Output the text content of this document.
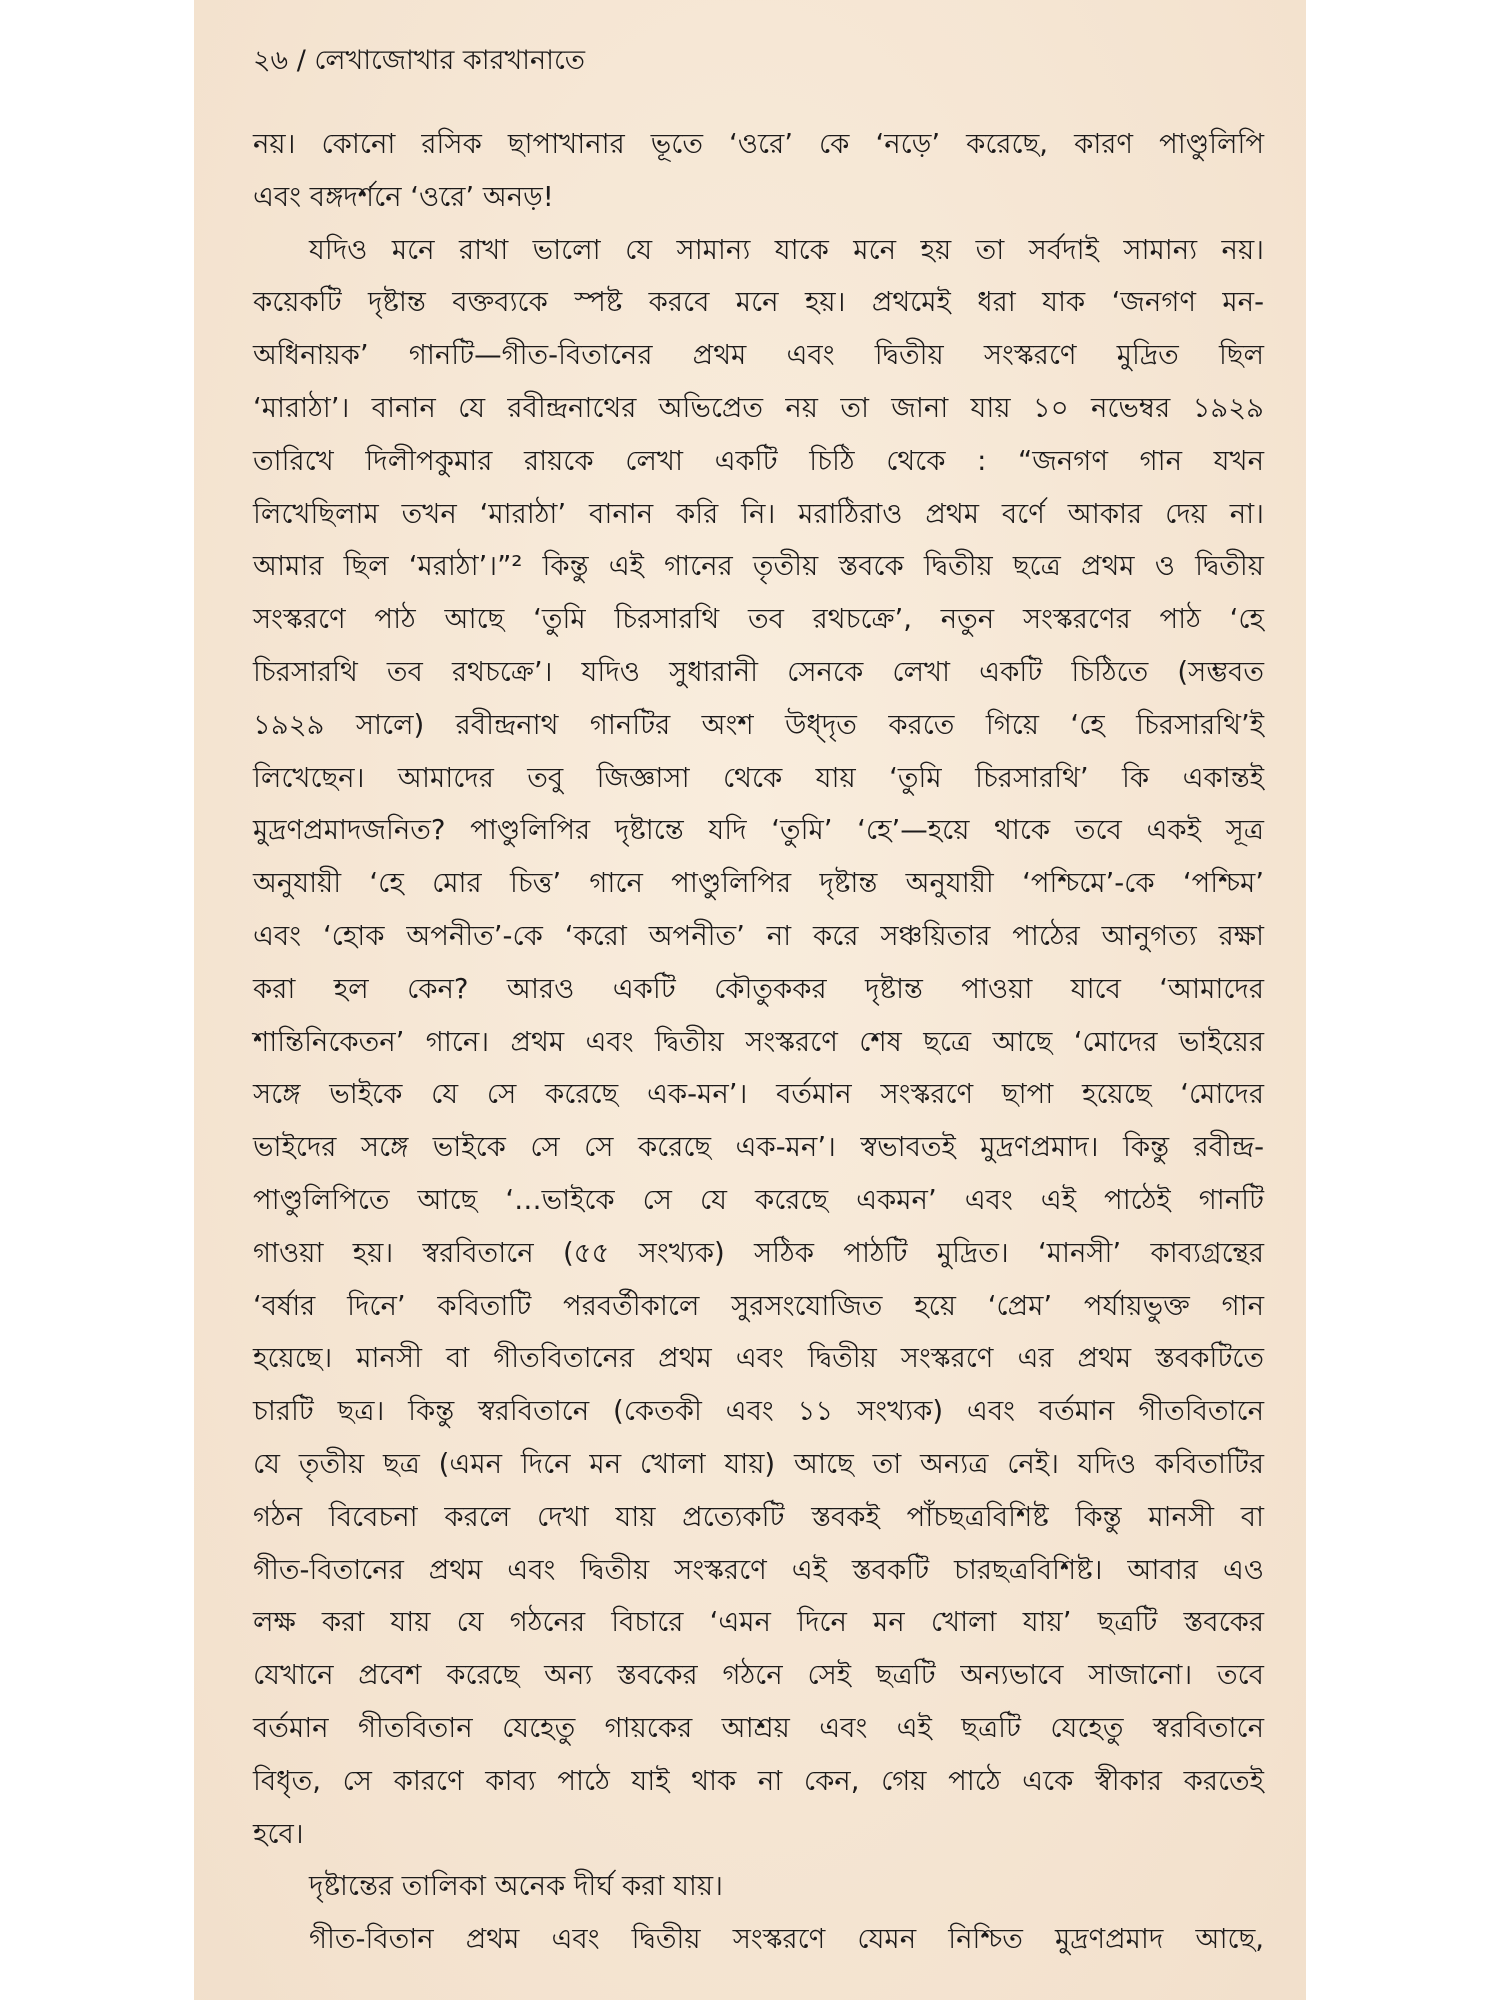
২৬ / লেখাজোখার কারখানাতে
নয়। কোনো রসিক ছাপাখানার ভূতে ‘ওরে’ কে ‘নড়ে’ করেছে, কারণ পাণ্ডুলিপি
এবং বঙ্গদর্শনে ‘ওরে’ অনড়!
যদিও মনে রাখা ভালো যে সামান্য যাকে মনে হয় তা সর্বদাই সামান্য নয়।
কয়েকটি দৃষ্টান্ত বক্তব্যকে স্পষ্ট করবে মনে হয়। প্রথমেই ধরা যাক ‘জনগণ মন-
অধিনায়ক’ গানটি—গীত-বিতানের প্রথম এবং দ্বিতীয় সংস্করণে মুদ্রিত ছিল
‘মারাঠা’। বানান যে রবীন্দ্রনাথের অভিপ্রেত নয় তা জানা যায় ১০ নভেম্বর ১৯২৯
তারিখে দিলীপকুমার রায়কে লেখা একটি চিঠি থেকে : “জনগণ গান যখন
লিখেছিলাম তখন ‘মারাঠা’ বানান করি নি। মরাঠিরাও প্রথম বর্ণে আকার দেয় না।
আমার ছিল ‘মরাঠা’।”² কিন্তু এই গানের তৃতীয় স্তবকে দ্বিতীয় ছত্রে প্রথম ও দ্বিতীয়
সংস্করণে পাঠ আছে ‘তুমি চিরসারথি তব রথচক্রে’, নতুন সংস্করণের পাঠ ‘হে
চিরসারথি তব রথচক্রে’। যদিও সুধারানী সেনকে লেখা একটি চিঠিতে (সম্ভবত
১৯২৯ সালে) রবীন্দ্রনাথ গানটির অংশ উধ্দৃত করতে গিয়ে ‘হে চিরসারথি’ই
লিখেছেন। আমাদের তবু জিজ্ঞাসা থেকে যায় ‘তুমি চিরসারথি’ কি একান্তই
মুদ্রণপ্রমাদজনিত? পাণ্ডুলিপির দৃষ্টান্তে যদি ‘তুমি’ ‘হে’—হয়ে থাকে তবে একই সূত্র
অনুযায়ী ‘হে মোর চিত্ত’ গানে পাণ্ডুলিপির দৃষ্টান্ত অনুযায়ী ‘পশ্চিমে’-কে ‘পশ্চিম’
এবং ‘হোক অপনীত’-কে ‘করো অপনীত’ না করে সঞ্চয়িতার পাঠের আনুগত্য রক্ষা
করা হল কেন? আরও একটি কৌতুককর দৃষ্টান্ত পাওয়া যাবে ‘আমাদের
শান্তিনিকেতন’ গানে। প্রথম এবং দ্বিতীয় সংস্করণে শেষ ছত্রে আছে ‘মোদের ভাইয়ের
সঙ্গে ভাইকে যে সে করেছে এক-মন’। বর্তমান সংস্করণে ছাপা হয়েছে ‘মোদের
ভাইদের সঙ্গে ভাইকে সে সে করেছে এক-মন’। স্বভাবতই মুদ্রণপ্রমাদ। কিন্তু রবীন্দ্র-
পাণ্ডুলিপিতে আছে ‘…ভাইকে সে যে করেছে একমন’ এবং এই পাঠেই গানটি
গাওয়া হয়। স্বরবিতানে (৫৫ সংখ্যক) সঠিক পাঠটি মুদ্রিত। ‘মানসী’ কাব্যগ্রন্থের
‘বর্ষার দিনে’ কবিতাটি পরবর্তীকালে সুরসংযোজিত হয়ে ‘প্রেম’ পর্যায়ভুক্ত গান
হয়েছে। মানসী বা গীতবিতানের প্রথম এবং দ্বিতীয় সংস্করণে এর প্রথম স্তবকটিতে
চারটি ছত্র। কিন্তু স্বরবিতানে (কেতকী এবং ১১ সংখ্যক) এবং বর্তমান গীতবিতানে
যে তৃতীয় ছত্র (এমন দিনে মন খোলা যায়) আছে তা অন্যত্র নেই। যদিও কবিতাটির
গঠন বিবেচনা করলে দেখা যায় প্রত্যেকটি স্তবকই পাঁচছত্রবিশিষ্ট কিন্তু মানসী বা
গীত-বিতানের প্রথম এবং দ্বিতীয় সংস্করণে এই স্তবকটি চারছত্রবিশিষ্ট। আবার এও
লক্ষ করা যায় যে গঠনের বিচারে ‘এমন দিনে মন খোলা যায়’ ছত্রটি স্তবকের
যেখানে প্রবেশ করেছে অন্য স্তবকের গঠনে সেই ছত্রটি অন্যভাবে সাজানো। তবে
বর্তমান গীতবিতান যেহেতু গায়কের আশ্রয় এবং এই ছত্রটি যেহেতু স্বরবিতানে
বিধৃত, সে কারণে কাব্য পাঠে যাই থাক না কেন, গেয় পাঠে একে স্বীকার করতেই
হবে।
দৃষ্টান্তের তালিকা অনেক দীর্ঘ করা যায়।
গীত-বিতান প্রথম এবং দ্বিতীয় সংস্করণে যেমন নিশ্চিত মুদ্রণপ্রমাদ আছে,
